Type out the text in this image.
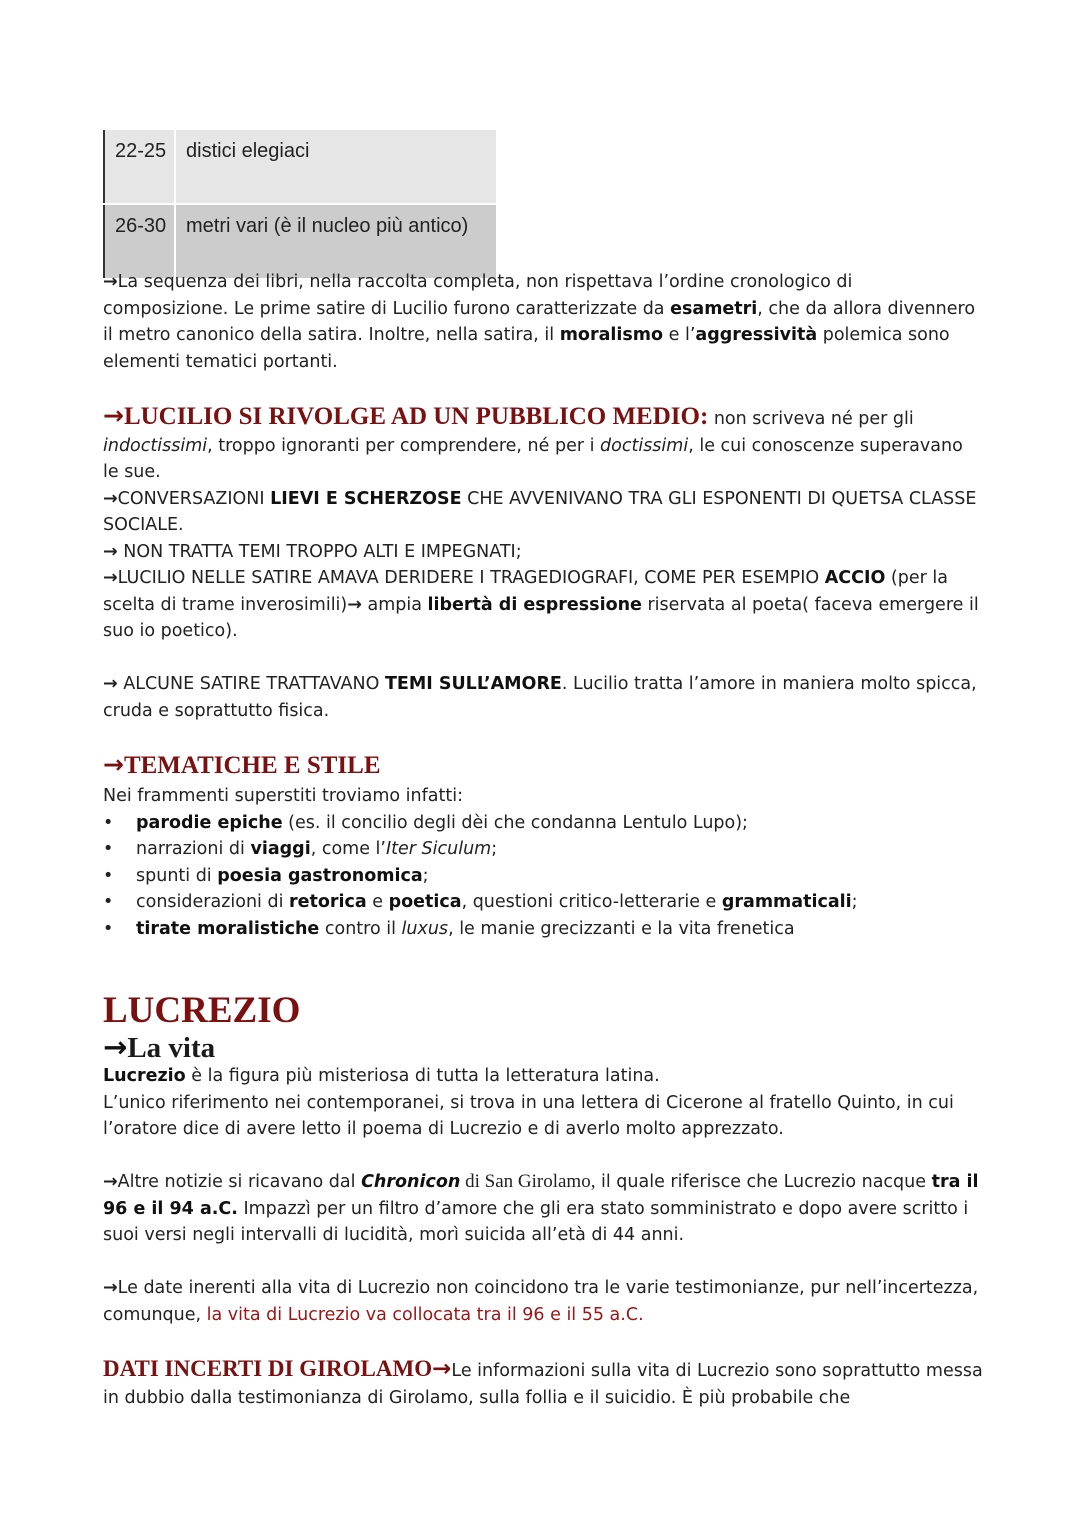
22-25	distici elegiaci
26-30	metri vari (è il nucleo più antico)

→La sequenza dei libri, nella raccolta completa, non rispettava l’ordine cronologico di composizione. Le prime satire di Lucilio furono caratterizzate da esametri, che da allora divennero il metro canonico della satira. Inoltre, nella satira, il moralismo e l’aggressività polemica sono elementi tematici portanti.

→LUCILIO SI RIVOLGE AD UN PUBBLICO MEDIO: non scriveva né per gli indoctissimi, troppo ignoranti per comprendere, né per i doctissimi, le cui conoscenze superavano le sue.

→CONVERSAZIONI LIEVI E SCHERZOSE CHE AVVENIVANO TRA GLI ESPONENTI DI QUETSA CLASSE SOCIALE.

→ NON TRATTA TEMI TROPPO ALTI E IMPEGNATI;

→LUCILIO NELLE SATIRE AMAVA DERIDERE I TRAGEDIOGRAFI, COME PER ESEMPIO ACCIO (per la scelta di trame inverosimili)→ ampia libertà di espressione riservata al poeta( faceva emergere il suo io poetico).

→ ALCUNE SATIRE TRATTAVANO TEMI SULL’AMORE. Lucilio tratta l’amore in maniera molto spicca, cruda e soprattutto fisica.

→TEMATICHE E STILE

Nei frammenti superstiti troviamo infatti:

• parodie epiche (es. il concilio degli dèi che condanna Lentulo Lupo);
• narrazioni di viaggi, come l’Iter Siculum;
• spunti di poesia gastronomica;
• considerazioni di retorica e poetica, questioni critico-letterarie e grammaticali;
• tirate moralistiche contro il luxus, le manie grecizzanti e la vita frenetica

LUCREZIO

→La vita

Lucrezio è la figura più misteriosa di tutta la letteratura latina.

L’unico riferimento nei contemporanei, si trova in una lettera di Cicerone al fratello Quinto, in cui l’oratore dice di avere letto il poema di Lucrezio e di averlo molto apprezzato.

→Altre notizie si ricavano dal Chronicon di San Girolamo, il quale riferisce che Lucrezio nacque tra il 96 e il 94 a.C. Impazzì per un filtro d’amore che gli era stato somministrato e dopo avere scritto i suoi versi negli intervalli di lucidità, morì suicida all’età di 44 anni.

→Le date inerenti alla vita di Lucrezio non coincidono tra le varie testimonianze, pur nell’incertezza, comunque, la vita di Lucrezio va collocata tra il 96 e il 55 a.C.

DATI INCERTI DI GIROLAMO→Le informazioni sulla vita di Lucrezio sono soprattutto messa in dubbio dalla testimonianza di Girolamo, sulla follia e il suicidio. È più probabile che
